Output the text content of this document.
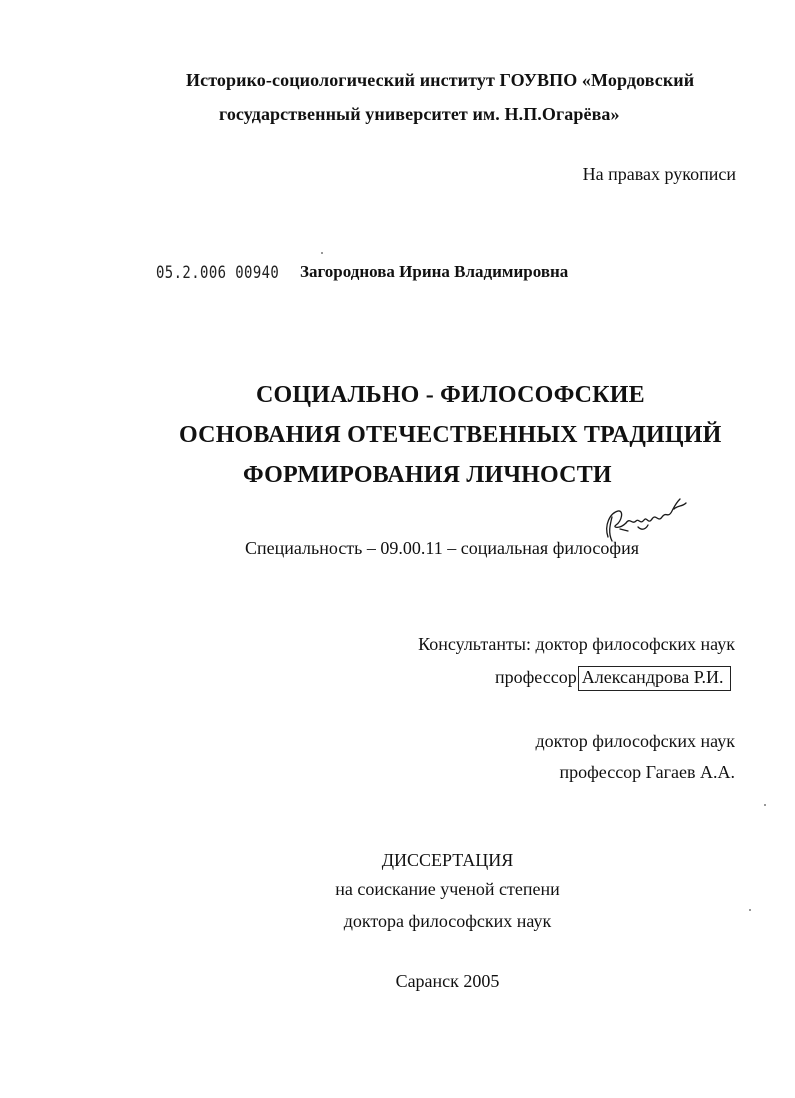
Историко-социологический институт ГОУВПО «Мордовский
государственный университет им. Н.П.Огарёва»
На правах рукописи
05.2.006 00940 Загороднова Ирина Владимировна
СОЦИАЛЬНО - ФИЛОСОФСКИЕ
ОСНОВАНИЯ ОТЕЧЕСТВЕННЫХ ТРАДИЦИЙ
ФОРМИРОВАНИЯ ЛИЧНОСТИ
Специальность – 09.00.11 – социальная философия
Консультанты: доктор философских наук
профессор Александрова Р.И.
доктор философских наук
профессор Гагаев А.А.
ДИССЕРТАЦИЯ
на соискание ученой степени
доктора философских наук
Саранск 2005
